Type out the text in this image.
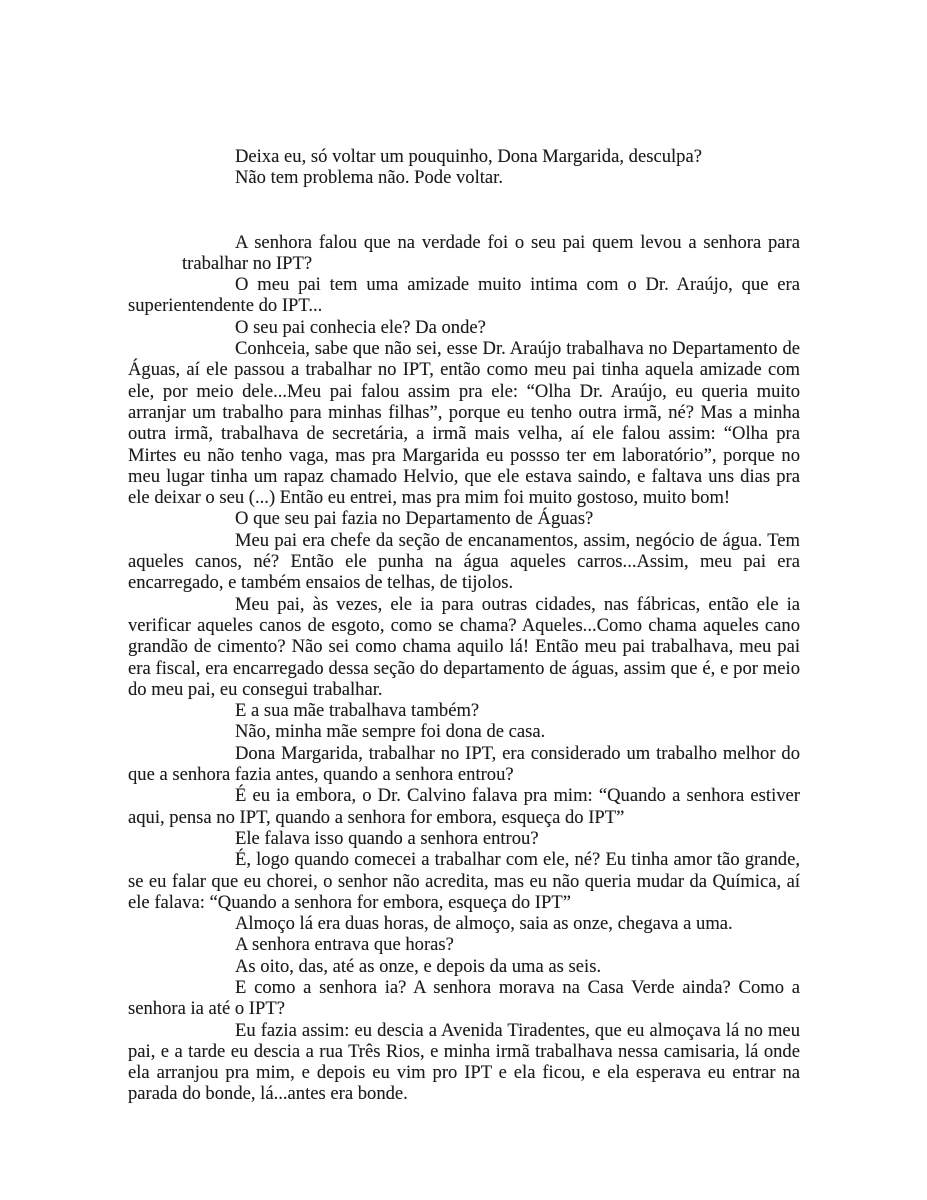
Deixa eu, só voltar um pouquinho, Dona Margarida, desculpa?

Não tem problema não. Pode voltar.

A senhora falou que na verdade foi o seu pai quem levou a senhora para trabalhar no IPT?

O meu pai tem uma amizade muito intima com o Dr. Araújo, que era superientendente do IPT...

O seu pai conhecia ele? Da onde?

Conhceia, sabe que não sei, esse Dr. Araújo trabalhava no Departamento de Águas, aí ele passou a trabalhar no IPT, então como meu pai tinha aquela amizade com ele, por meio dele...Meu pai falou assim pra ele: “Olha Dr. Araújo, eu queria muito arranjar um trabalho para minhas filhas”, porque eu tenho outra irmã, né? Mas a minha outra irmã, trabalhava de secretária, a irmã mais velha, aí ele falou assim: “Olha pra Mirtes eu não tenho vaga, mas pra Margarida eu possso ter em laboratório”, porque no meu lugar tinha um rapaz chamado Helvio, que ele estava saindo, e faltava uns dias pra ele deixar o seu (...) Então eu entrei, mas pra mim foi muito gostoso, muito bom!

O que seu pai fazia no Departamento de Águas?

Meu pai era chefe da seção de encanamentos, assim, negócio de água. Tem aqueles canos, né? Então ele punha na água aqueles carros...Assim, meu pai era encarregado, e também ensaios de telhas, de tijolos.

Meu pai, às vezes, ele ia para outras cidades, nas fábricas, então ele ia verificar aqueles canos de esgoto, como se chama? Aqueles...Como chama aqueles cano grandão de cimento? Não sei como chama aquilo lá! Então meu pai trabalhava, meu pai era fiscal, era encarregado dessa seção do departamento de águas, assim que é, e por meio do meu pai, eu consegui trabalhar.

E a sua mãe trabalhava também?

Não, minha mãe sempre foi dona de casa.

Dona Margarida, trabalhar no IPT, era considerado um trabalho melhor do que a senhora fazia antes, quando a senhora entrou?

É eu ia embora, o Dr. Calvino falava pra mim: “Quando a senhora estiver aqui, pensa no IPT, quando a senhora for embora, esqueça do IPT”

Ele falava isso quando a senhora entrou?

É, logo quando comecei a trabalhar com ele, né? Eu tinha amor tão grande, se eu falar que eu chorei, o senhor não acredita, mas eu não queria mudar da Química, aí ele falava: “Quando a senhora for embora, esqueça do IPT”

Almoço lá era duas horas, de almoço, saia as onze, chegava a uma.

A senhora entrava que horas?

As oito, das, até as onze, e depois da uma as seis.

E como a senhora ia? A senhora morava na Casa Verde ainda? Como a senhora ia até o IPT?

Eu fazia assim: eu descia a Avenida Tiradentes, que eu almoçava lá no meu pai, e a tarde eu descia a rua Três Rios, e minha irmã trabalhava nessa camisaria, lá onde ela arranjou pra mim, e depois eu vim pro IPT e ela ficou, e ela esperava eu entrar na parada do bonde, lá...antes era bonde.
